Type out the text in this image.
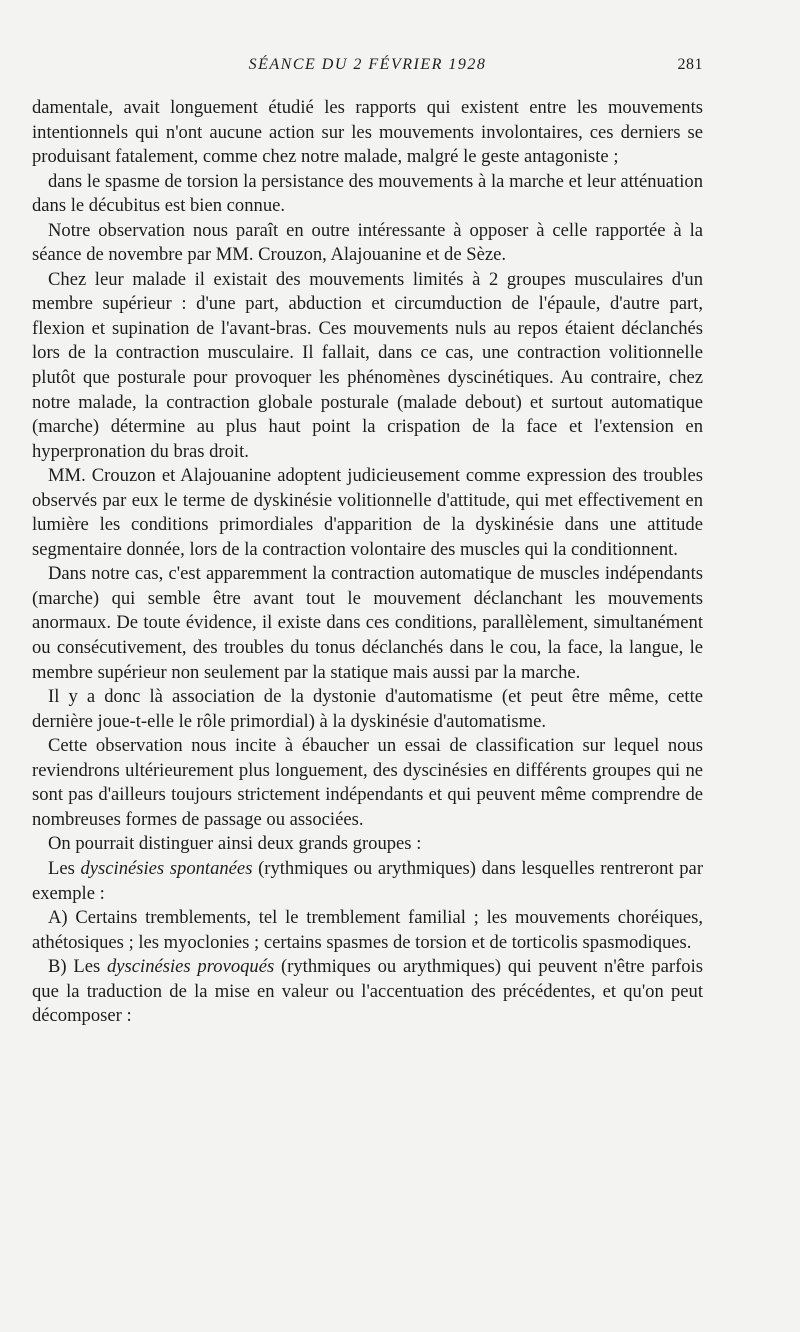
SÉANCE DU 2 FÉVRIER 1928	281

damentale, avait longuement étudié les rapports qui existent entre les mouvements intentionnels qui n'ont aucune action sur les mouvements involontaires, ces derniers se produisant fatalement, comme chez notre malade, malgré le geste antagoniste ;

dans le spasme de torsion la persistance des mouvements à la marche et leur atténuation dans le décubitus est bien connue.

Notre observation nous paraît en outre intéressante à opposer à celle rapportée à la séance de novembre par MM. Crouzon, Alajouanine et de Sèze.

Chez leur malade il existait des mouvements limités à 2 groupes musculaires d'un membre supérieur : d'une part, abduction et circumduction de l'épaule, d'autre part, flexion et supination de l'avant-bras. Ces mouvements nuls au repos étaient déclanchés lors de la contraction musculaire. Il fallait, dans ce cas, une contraction volitionnelle plutôt que posturale pour provoquer les phénomènes dyscinétiques. Au contraire, chez notre malade, la contraction globale posturale (malade debout) et surtout automatique (marche) détermine au plus haut point la crispation de la face et l'extension en hyperpronation du bras droit.

MM. Crouzon et Alajouanine adoptent judicieusement comme expression des troubles observés par eux le terme de dyskinésie volitionnelle d'attitude, qui met effectivement en lumière les conditions primordiales d'apparition de la dyskinésie dans une attitude segmentaire donnée, lors de la contraction volontaire des muscles qui la conditionnent.

Dans notre cas, c'est apparemment la contraction automatique de muscles indépendants (marche) qui semble être avant tout le mouvement déclanchant les mouvements anormaux. De toute évidence, il existe dans ces conditions, parallèlement, simultanément ou consécutivement, des troubles du tonus déclanchés dans le cou, la face, la langue, le membre supérieur non seulement par la statique mais aussi par la marche.

Il y a donc là association de la dystonie d'automatisme (et peut être même, cette dernière joue-t-elle le rôle primordial) à la dyskinésie d'automatisme.

Cette observation nous incite à ébaucher un essai de classification sur lequel nous reviendrons ultérieurement plus longuement, des dyscinésies en différents groupes qui ne sont pas d'ailleurs toujours strictement indépendants et qui peuvent même comprendre de nombreuses formes de passage ou associées.

On pourrait distinguer ainsi deux grands groupes :

Les dyscinésies spontanées (rythmiques ou arythmiques) dans lesquelles rentreront par exemple :

A) Certains tremblements, tel le tremblement familial ; les mouvements choréiques, athétosiques ; les myoclonies ; certains spasmes de torsion et de torticolis spasmodiques.

B) Les dyscinésies provoqués (rythmiques ou arythmiques) qui peuvent n'être parfois que la traduction de la mise en valeur ou l'accentuation des précédentes, et qu'on peut décomposer :
